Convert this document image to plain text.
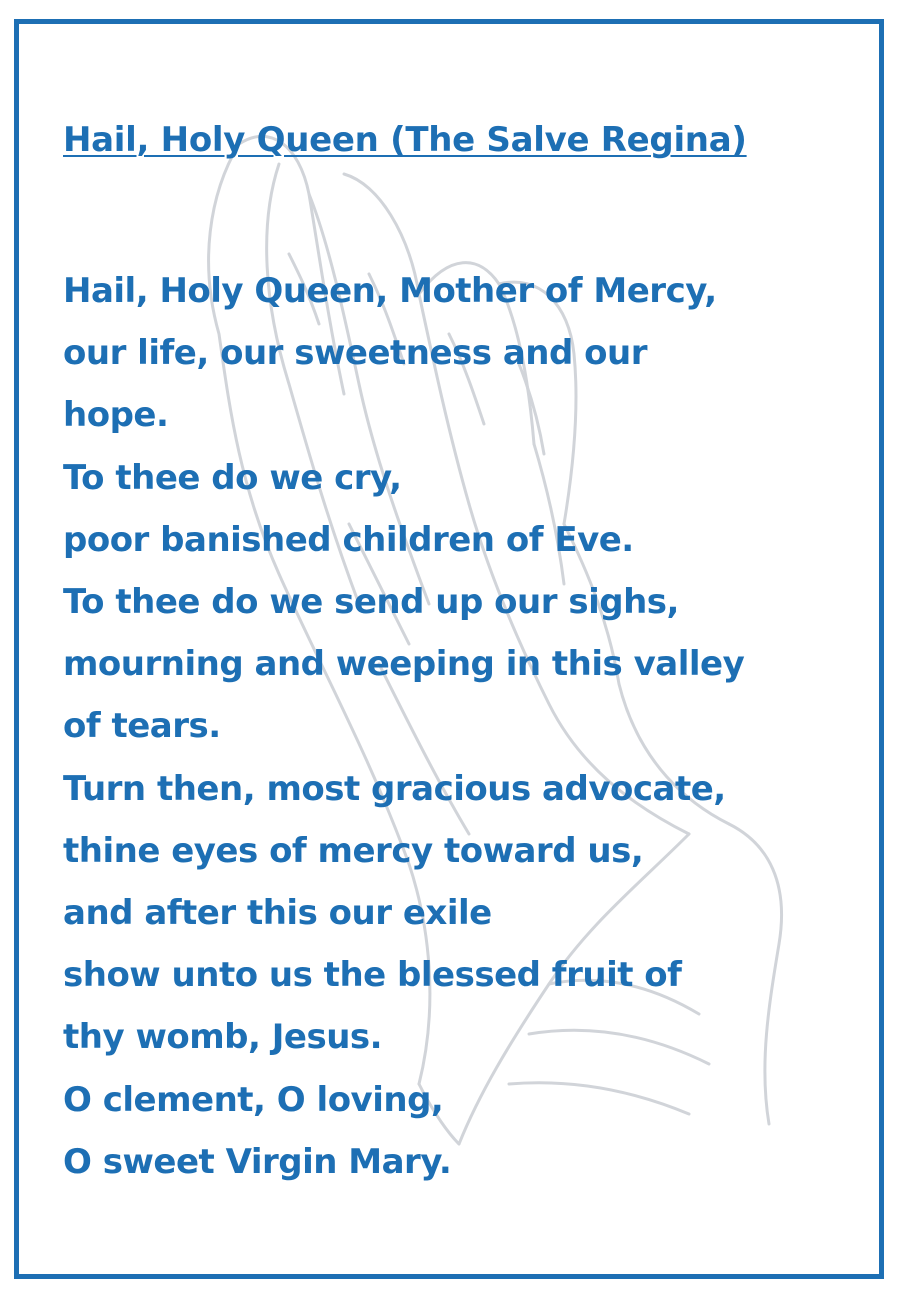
Hail, Holy Queen (The Salve Regina)
Hail, Holy Queen, Mother of Mercy,
our life, our sweetness and our
hope.
To thee do we cry,
poor banished children of Eve.
To thee do we send up our sighs,
mourning and weeping in this valley
of tears.
Turn then, most gracious advocate,
thine eyes of mercy toward us,
and after this our exile
show unto us the blessed fruit of
thy womb, Jesus.
O clement, O loving,
O sweet Virgin Mary.
